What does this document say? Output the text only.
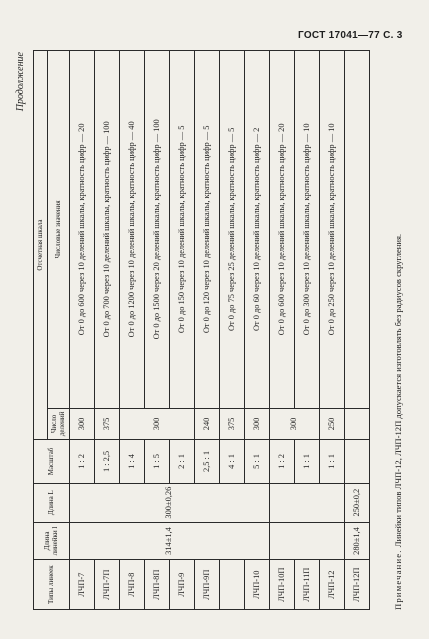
ГОСТ 17041—77 С. 3
Продолжение
Типы линеек	Длина линейки l	Длина L	Масштаб	Отсчетная шкала	
				Число делений	Числовые значения
ЛЧП-7	314±1,4	300±0,26	1 : 2	300	От 0 до 600 через 10 делений шкалы, кратность цифр — 20
ЛЧП-7П			1 : 2,5	375	От 0 до 700 через 10 делений шкалы, кратность цифр — 100
ЛЧП-8			1 : 4	300	От 0 до 1200 через 10 делений шкалы, кратность цифр — 40
ЛЧП-8П			1 : 5		От 0 до 1500 через 20 делений шкалы, кратность цифр — 100
ЛЧП-9			2 : 1		От 0 до 150 через 10 делений шкалы, кратность цифр — 5
ЛЧП-9П			2,5 : 1	240	От 0 до 120 через 10 делений шкалы, кратность цифр — 5
			4 : 1	375	От 0 до 75 через 25 делений шкалы, кратность цифр — 5
ЛЧП-10			5 : 1	300	От 0 до 60 через 10 делений шкалы, кратность цифр — 2
ЛЧП-10П			1 : 2	300	От 0 до 600 через 10 делений шкалы, кратность цифр — 20
ЛЧП-11П			1 : 1		От 0 до 300 через 10 делений шкалы, кратность цифр — 10
ЛЧП-12			1 : 1	250	От 0 до 250 через 10 делений шкалы, кратность цифр — 10
ЛЧП-12П	280±1,4	250±0,2			
Примечание. Линейки типов ЛЧП-12, ЛЧП-12П допускается изготовлять без радиусов скругления.
